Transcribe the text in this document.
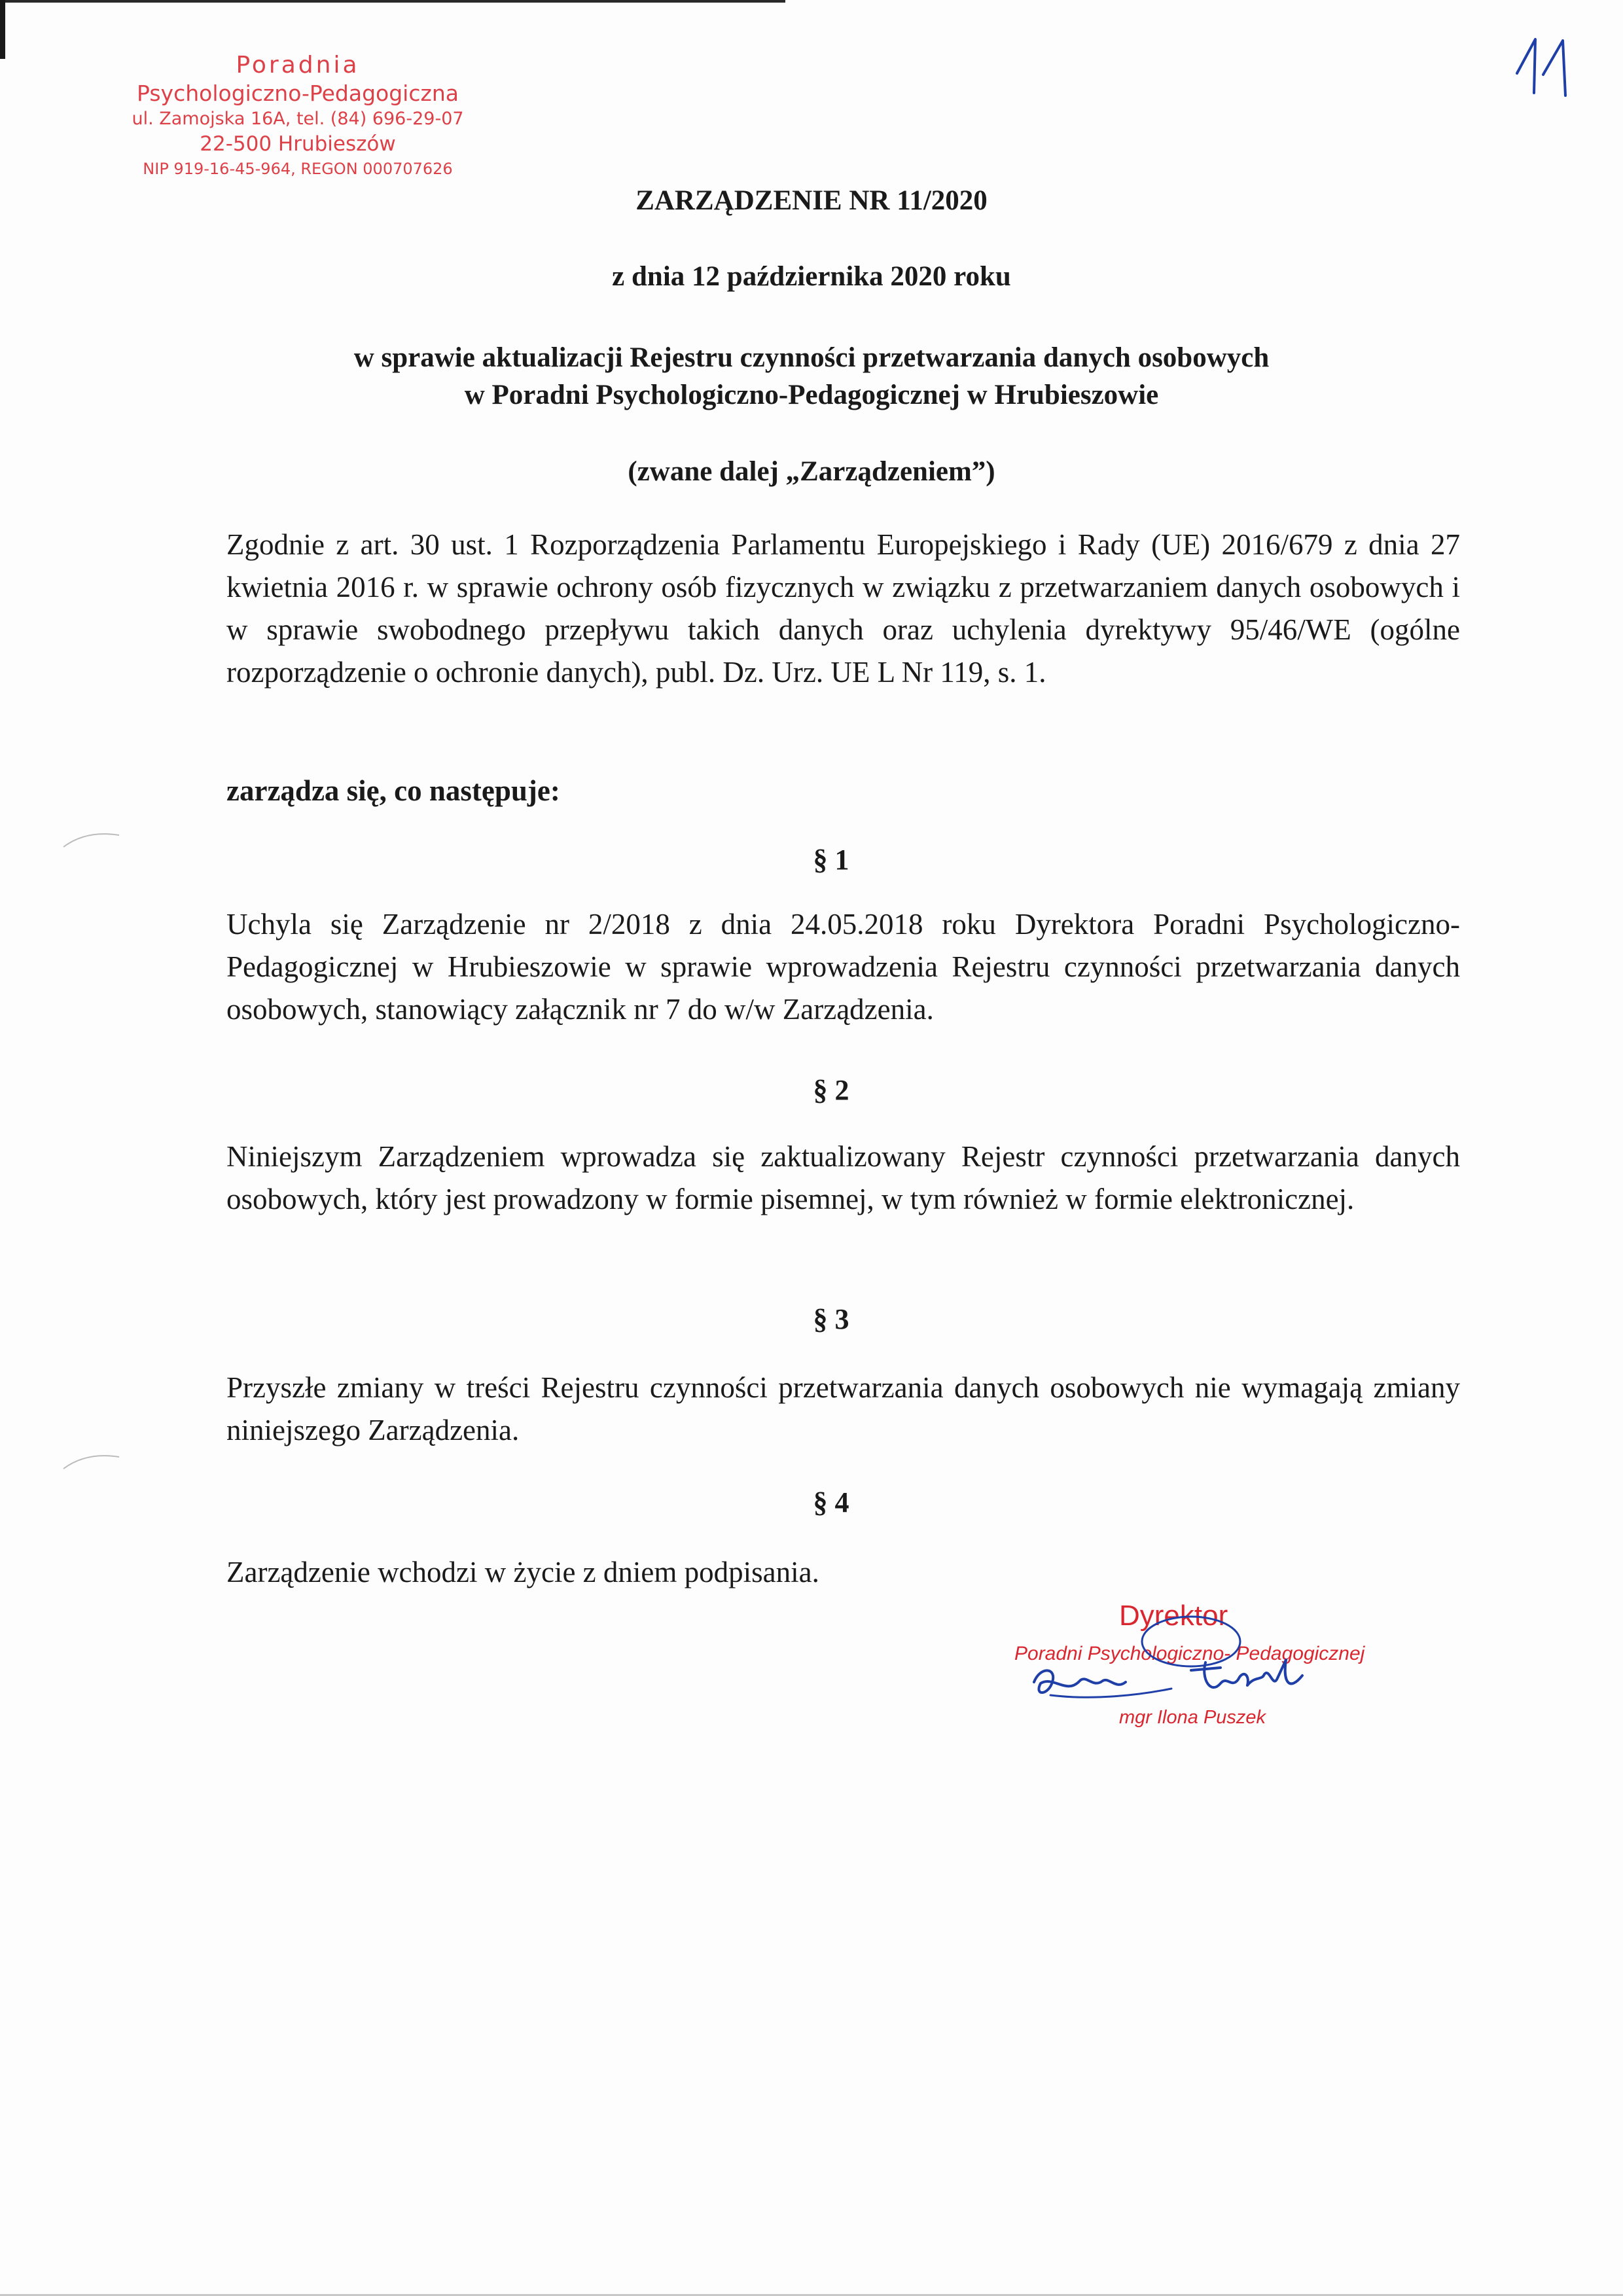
Poradnia
Psychologiczno-Pedagogiczna
ul. Zamojska 16A, tel. (84) 696-29-07
22-500 Hrubieszów
NIP 919-16-45-964, REGON 000707626
ZARZĄDZENIE NR 11/2020
z dnia 12 października 2020 roku
w sprawie aktualizacji Rejestru czynności przetwarzania danych osobowych
w Poradni Psychologiczno-Pedagogicznej w Hrubieszowie
(zwane dalej „Zarządzeniem”)
Zgodnie z art. 30 ust. 1 Rozporządzenia Parlamentu Europejskiego i Rady (UE) 2016/679 z dnia 27 kwietnia 2016 r. w sprawie ochrony osób fizycznych w związku z przetwarzaniem danych osobowych i w sprawie swobodnego przepływu takich danych oraz uchylenia dyrektywy 95/46/WE (ogólne rozporządzenie o ochronie danych), publ. Dz. Urz. UE L Nr 119, s. 1.
zarządza się, co następuje:
§ 1
Uchyla się Zarządzenie nr 2/2018 z dnia 24.05.2018 roku Dyrektora Poradni Psychologiczno-Pedagogicznej w Hrubieszowie w sprawie wprowadzenia Rejestru czynności przetwarzania danych osobowych, stanowiący załącznik nr 7 do w/w Zarządzenia.
§ 2
Niniejszym Zarządzeniem wprowadza się zaktualizowany Rejestr czynności przetwarzania danych osobowych, który jest prowadzony w formie pisemnej, w tym również w formie elektronicznej.
§ 3
Przyszłe zmiany w treści Rejestru czynności przetwarzania danych osobowych nie wymagają zmiany niniejszego Zarządzenia.
§ 4
Zarządzenie wchodzi w życie z dniem podpisania.
Dyrektor
Poradni Psychologiczno- Pedagogicznej
mgr Ilona Puszek
